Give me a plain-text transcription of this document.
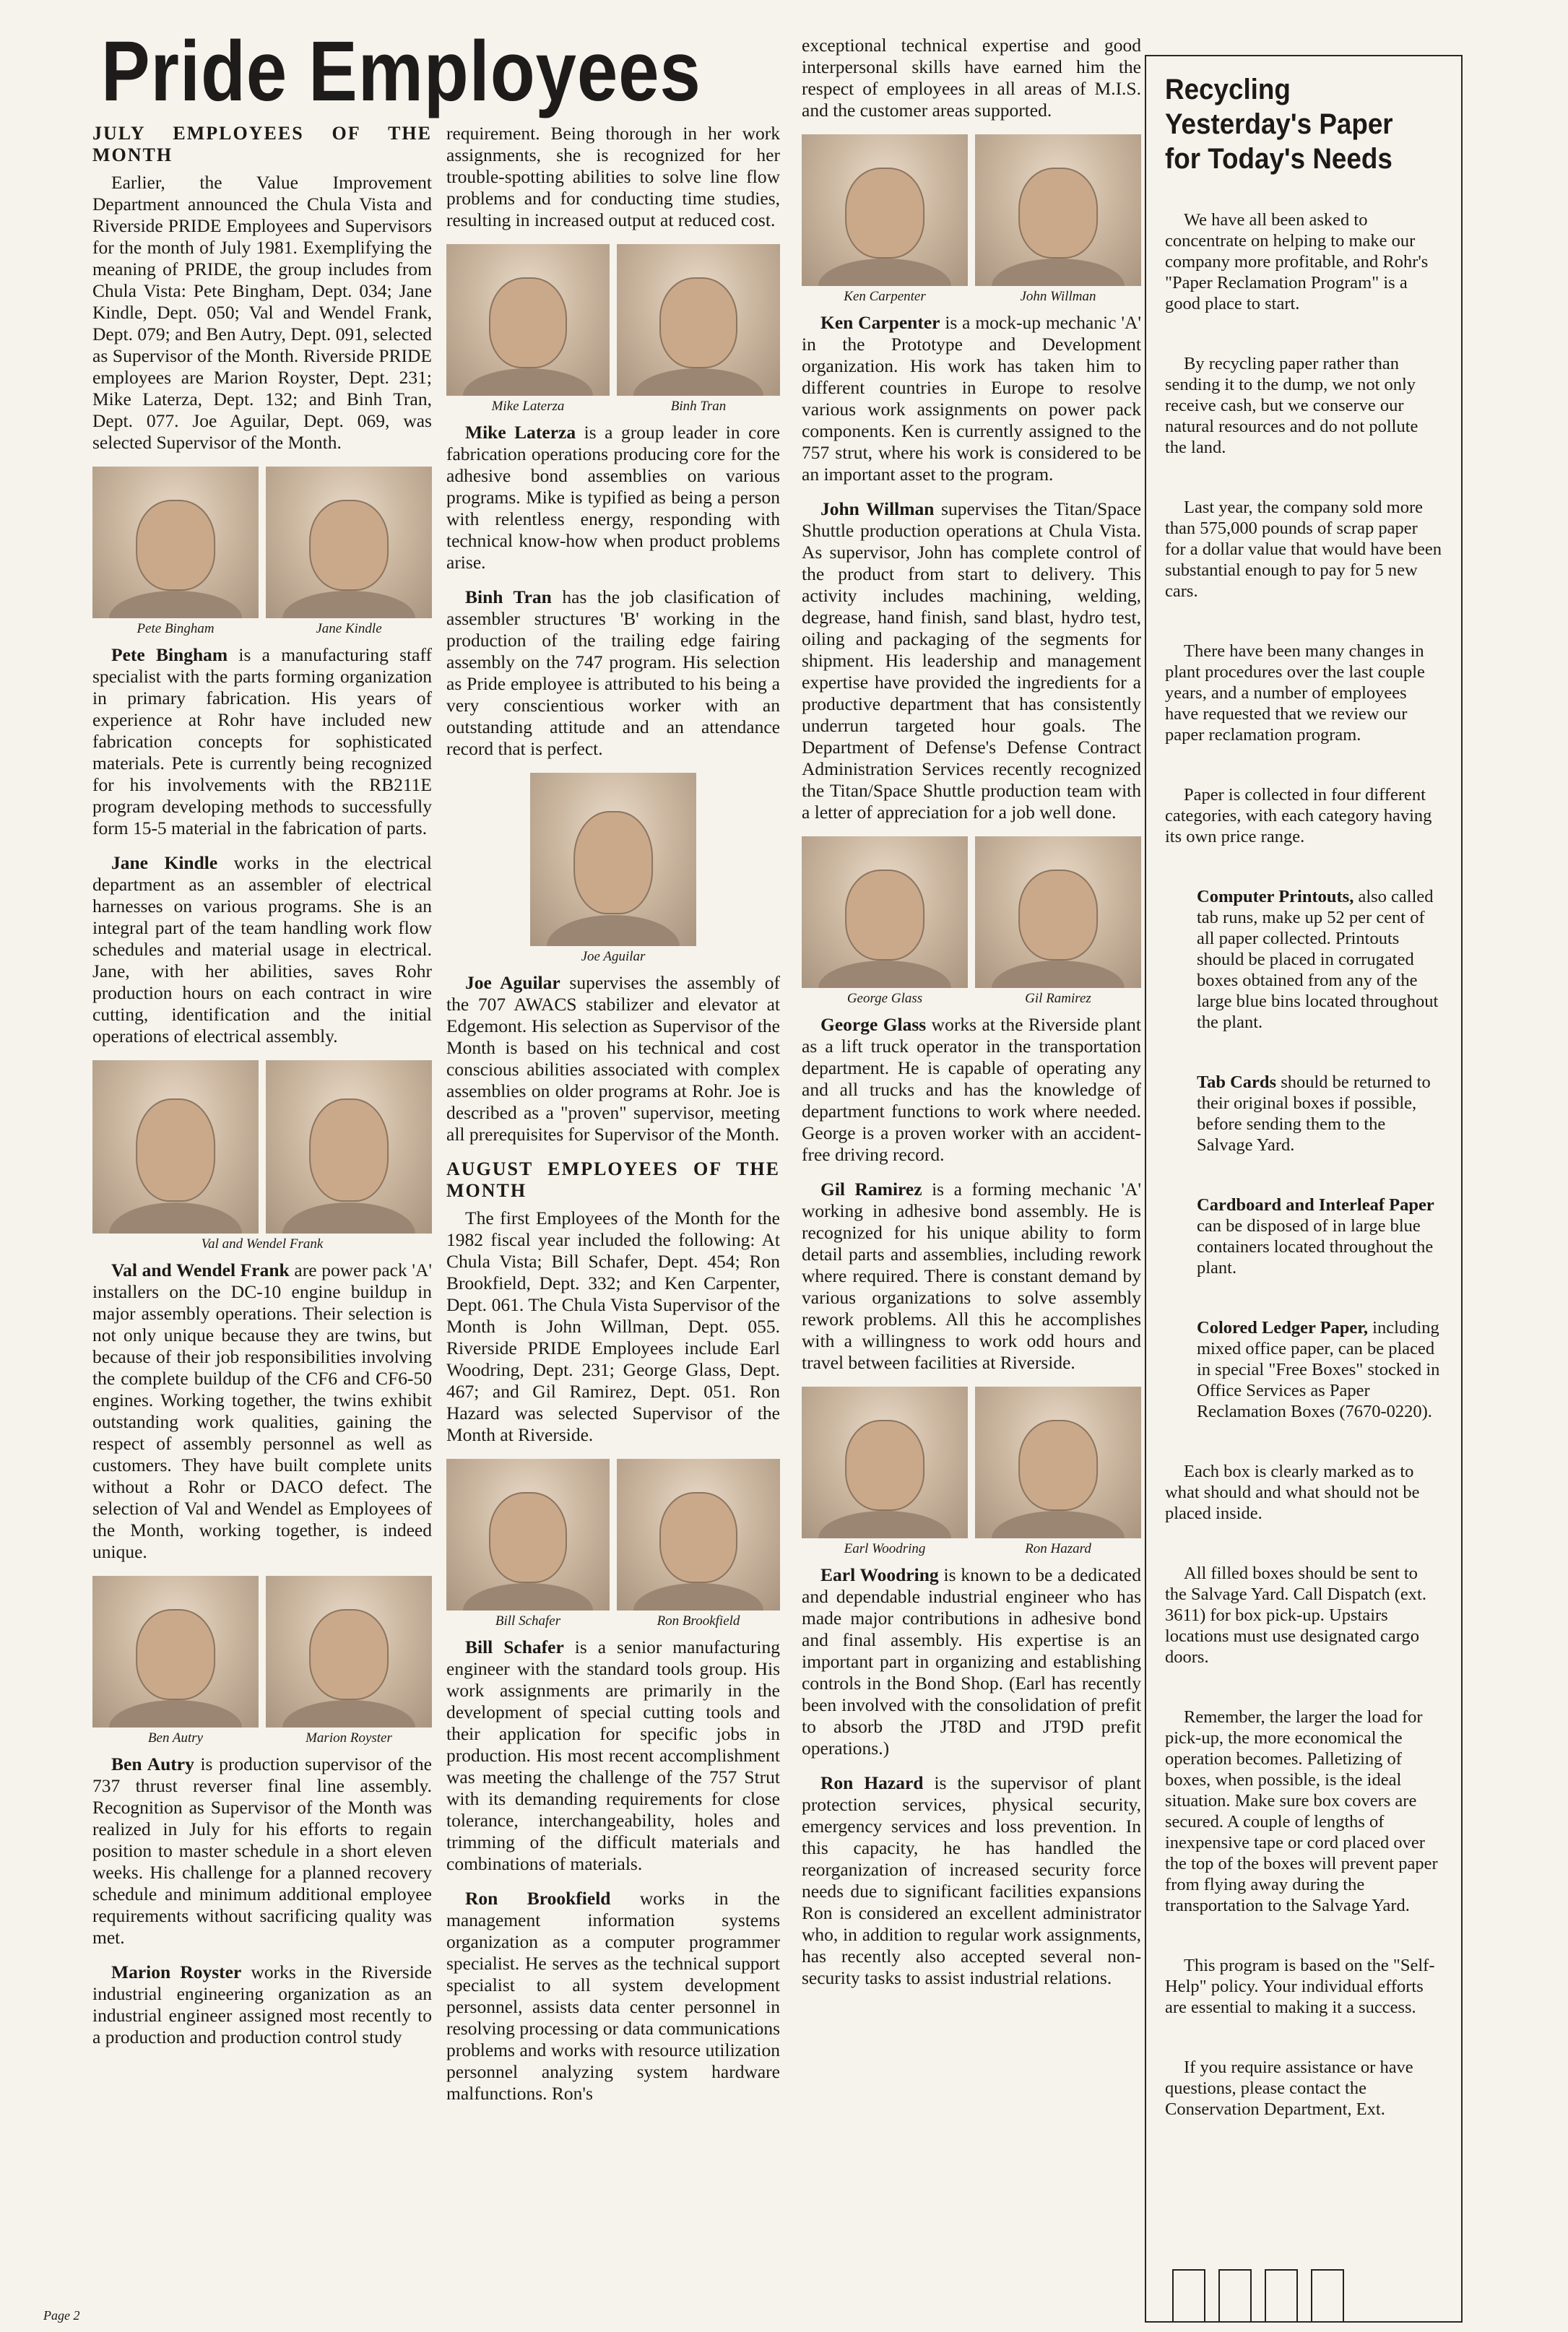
Pride Employees
JULY EMPLOYEES OF THE MONTH

Earlier, the Value Improvement Department announced the Chula Vista and Riverside PRIDE Employees and Supervisors for the month of July 1981. Exemplifying the meaning of PRIDE, the group includes from Chula Vista: Pete Bingham, Dept. 034; Jane Kindle, Dept. 050; Val and Wendel Frank, Dept. 079; and Ben Autry, Dept. 091, selected as Supervisor of the Month. Riverside PRIDE employees are Marion Royster, Dept. 231; Mike Laterza, Dept. 132; and Binh Tran, Dept. 077. Joe Aguilar, Dept. 069, was selected Supervisor of the Month.

Pete Bingham	Jane Kindle

Pete Bingham is a manufacturing staff specialist with the parts forming organization in primary fabrication. His years of experience at Rohr have included new fabrication concepts for sophisticated materials. Pete is currently being recognized for his involvements with the RB211E program developing methods to successfully form 15-5 material in the fabrication of parts.

Jane Kindle works in the electrical department as an assembler of electrical harnesses on various programs. She is an integral part of the team handling work flow schedules and material usage in electrical. Jane, with her abilities, saves Rohr production hours on each contract in wire cutting, identification and the initial operations of electrical assembly.

Val and Wendel Frank

Val and Wendel Frank are power pack 'A' installers on the DC-10 engine buildup in major assembly operations. Their selection is not only unique because they are twins, but because of their job responsibilities involving the complete buildup of the CF6 and CF6-50 engines. Working together, the twins exhibit outstanding work qualities, gaining the respect of assembly personnel as well as customers. They have built complete units without a Rohr or DACO defect. The selection of Val and Wendel as Employees of the Month, working together, is indeed unique.

Ben Autry	Marion Royster

Ben Autry is production supervisor of the 737 thrust reverser final line assembly. Recognition as Supervisor of the Month was realized in July for his efforts to regain position to master schedule in a short eleven weeks. His challenge for a planned recovery schedule and minimum additional employee requirements without sacrificing quality was met.

Marion Royster works in the Riverside industrial engineering organization as an industrial engineer assigned most recently to a production and production control study

requirement. Being thorough in her work assignments, she is recognized for her trouble-spotting abilities to solve line flow problems and for conducting time studies, resulting in increased output at reduced cost.

Mike Laterza	Binh Tran

Mike Laterza is a group leader in core fabrication operations producing core for the adhesive bond assemblies on various programs. Mike is typified as being a person with relentless energy, responding with technical know-how when product problems arise.

Binh Tran has the job clasification of assembler structures 'B' working in the production of the trailing edge fairing assembly on the 747 program. His selection as Pride employee is attributed to his being a very conscientious worker with an outstanding attitude and an attendance record that is perfect.

Joe Aguilar

Joe Aguilar supervises the assembly of the 707 AWACS stabilizer and elevator at Edgemont. His selection as Supervisor of the Month is based on his technical and cost conscious abilities associated with complex assemblies on older programs at Rohr. Joe is described as a "proven" supervisor, meeting all prerequisites for Supervisor of the Month.

AUGUST EMPLOYEES OF THE MONTH

The first Employees of the Month for the 1982 fiscal year included the following: At Chula Vista; Bill Schafer, Dept. 454; Ron Brookfield, Dept. 332; and Ken Carpenter, Dept. 061. The Chula Vista Supervisor of the Month is John Willman, Dept. 055. Riverside PRIDE Employees include Earl Woodring, Dept. 231; George Glass, Dept. 467; and Gil Ramirez, Dept. 051. Ron Hazard was selected Supervisor of the Month at Riverside.

Bill Schafer	Ron Brookfield

Bill Schafer is a senior manufacturing engineer with the standard tools group. His work assignments are primarily in the development of special cutting tools and their application for specific jobs in production. His most recent accomplishment was meeting the challenge of the 757 Strut with its demanding requirements for close tolerance, interchangeability, holes and trimming of the difficult materials and combinations of materials.

Ron Brookfield works in the management information systems organization as a computer programmer specialist. He serves as the technical support specialist to all system development personnel, assists data center personnel in resolving processing or data communications problems and works with resource utilization personnel analyzing system hardware malfunctions. Ron's

exceptional technical expertise and good interpersonal skills have earned him the respect of employees in all areas of M.I.S. and the customer areas supported.

Ken Carpenter	John Willman

Ken Carpenter is a mock-up mechanic 'A' in the Prototype and Development organization. His work has taken him to different countries in Europe to resolve various work assignments on power pack components. Ken is currently assigned to the 757 strut, where his work is considered to be an important asset to the program.

John Willman supervises the Titan/Space Shuttle production operations at Chula Vista. As supervisor, John has complete control of the product from start to delivery. This activity includes machining, welding, degrease, hand finish, sand blast, hydro test, oiling and packaging of the segments for shipment. His leadership and management expertise have provided the ingredients for a productive department that has consistently underrun targeted hour goals. The Department of Defense's Defense Contract Administration Services recently recognized the Titan/Space Shuttle production team with a letter of appreciation for a job well done.

George Glass	Gil Ramirez

George Glass works at the Riverside plant as a lift truck operator in the transportation department. He is capable of operating any and all trucks and has the knowledge of department functions to work where needed. George is a proven worker with an accident-free driving record.

Gil Ramirez is a forming mechanic 'A' working in adhesive bond assembly. He is recognized for his unique ability to form detail parts and assemblies, including rework where required. There is constant demand by various organizations to solve assembly rework problems. All this he accomplishes with a willingness to work odd hours and travel between facilities at Riverside.

Earl Woodring	Ron Hazard

Earl Woodring is known to be a dedicated and dependable industrial engineer who has made major contributions in adhesive bond and final assembly. His expertise is an important part in organizing and establishing controls in the Bond Shop. (Earl has recently been involved with the consolidation of prefit to absorb the JT8D and JT9D prefit operations.)

Ron Hazard is the supervisor of plant protection services, physical security, emergency services and loss prevention. In this capacity, he has handled the reorganization of increased security force needs due to significant facilities expansions Ron is considered an excellent administrator who, in addition to regular work assignments, has recently also accepted several non-security tasks to assist industrial relations.

Recycling Yesterday's Paper for Today's Needs

We have all been asked to concentrate on helping to make our company more profitable, and Rohr's "Paper Reclamation Program" is a good place to start.

By recycling paper rather than sending it to the dump, we not only receive cash, but we conserve our natural resources and do not pollute the land.

Last year, the company sold more than 575,000 pounds of scrap paper for a dollar value that would have been substantial enough to pay for 5 new cars.

There have been many changes in plant procedures over the last couple years, and a number of employees have requested that we review our paper reclamation program.

Paper is collected in four different categories, with each category having its own price range.

Computer Printouts, also called tab runs, make up 52 per cent of all paper collected. Printouts should be placed in corrugated boxes obtained from any of the large blue bins located throughout the plant.

Tab Cards should be returned to their original boxes if possible, before sending them to the Salvage Yard.

Cardboard and Interleaf Paper can be disposed of in large blue containers located throughout the plant.

Colored Ledger Paper, including mixed office paper, can be placed in special "Free Boxes" stocked in Office Services as Paper Reclamation Boxes (7670-0220).

Each box is clearly marked as to what should and what should not be placed inside.

All filled boxes should be sent to the Salvage Yard. Call Dispatch (ext. 3611) for box pick-up. Upstairs locations must use designated cargo doors.

Remember, the larger the load for pick-up, the more economical the operation becomes. Palletizing of boxes, when possible, is the ideal situation. Make sure box covers are secured. A couple of lengths of inexpensive tape or cord placed over the top of the boxes will prevent paper from flying away during the transportation to the Salvage Yard.

This program is based on the "Self-Help" policy. Your individual efforts are essential to making it a success.

If you require assistance or have questions, please contact the Conservation Department, Ext.

Page 2
